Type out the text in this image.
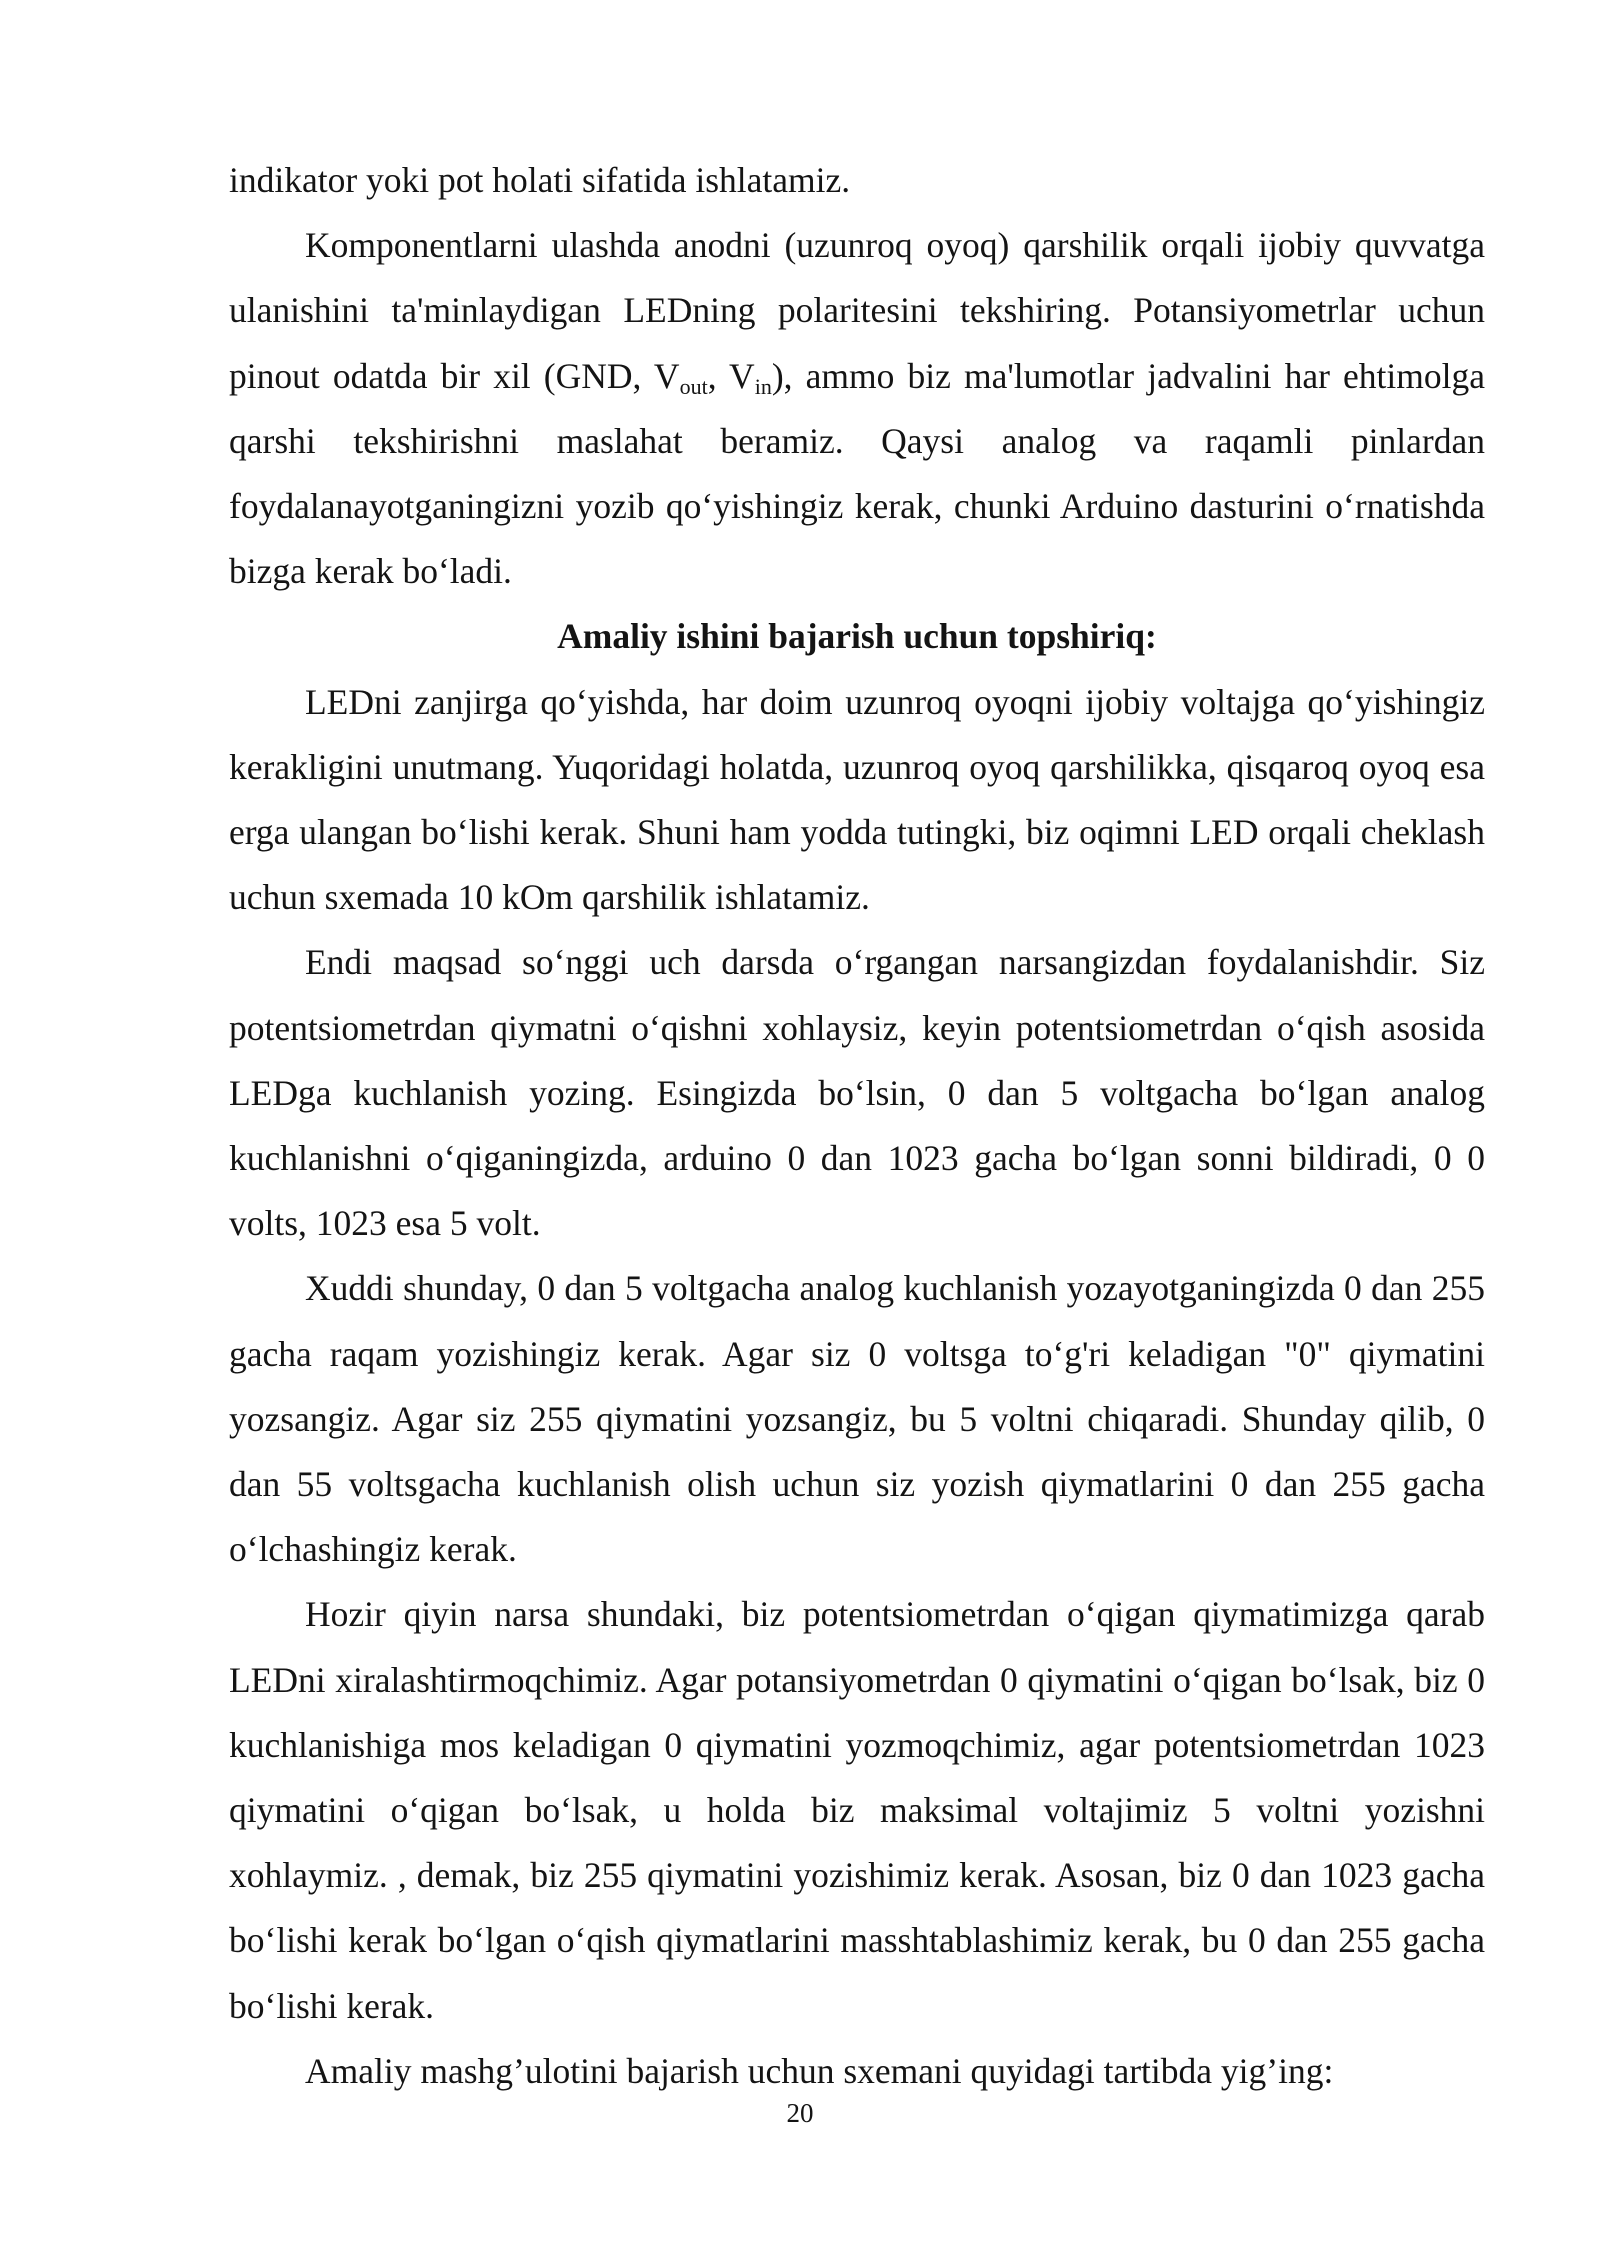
indikator yoki pot holati sifatida ishlatamiz.

Komponentlarni ulashda anodni (uzunroq oyoq) qarshilik orqali ijobiy quvvatga ulanishini ta'minlaydigan LEDning polaritesini tekshiring. Potansiyometrlar uchun pinout odatda bir xil (GND, $V_{out}$, $V_{in}$), ammo biz ma'lumotlar jadvalini har ehtimolga qarshi tekshirishni maslahat beramiz. Qaysi analog va raqamli pinlardan foydalanayotganingizni yozib qo‘yishingiz kerak, chunki Arduino dasturini o‘rnatishda bizga kerak bo‘ladi.

Amaliy ishini bajarish uchun topshiriq:

LEDni zanjirga qo‘yishda, har doim uzunroq oyoqni ijobiy voltajga qo‘yishingiz kerakligini unutmang. Yuqoridagi holatda, uzunroq oyoq qarshilikka, qisqaroq oyoq esa erga ulangan bo‘lishi kerak. Shuni ham yodda tutingki, biz oqimni LED orqali cheklash uchun sxemada 10 kOm qarshilik ishlatamiz.

Endi maqsad so‘nggi uch darsda o‘rgangan narsangizdan foydalanishdir. Siz potentsiometrdan qiymatni o‘qishni xohlaysiz, keyin potentsiometrdan o‘qish asosida LEDga kuchlanish yozing. Esingizda bo‘lsin, 0 dan 5 voltgacha bo‘lgan analog kuchlanishni o‘qiganingizda, arduino 0 dan 1023 gacha bo‘lgan sonni bildiradi, 0 0 volts, 1023 esa 5 volt.

Xuddi shunday, 0 dan 5 voltgacha analog kuchlanish yozayotganingizda 0 dan 255 gacha raqam yozishingiz kerak. Agar siz 0 voltsga to‘g'ri keladigan "0" qiymatini yozsangiz. Agar siz 255 qiymatini yozsangiz, bu 5 voltni chiqaradi. Shunday qilib, 0 dan 55 voltsgacha kuchlanish olish uchun siz yozish qiymatlarini 0 dan 255 gacha o‘lchashingiz kerak.

Hozir qiyin narsa shundaki, biz potentsiometrdan o‘qigan qiymatimizga qarab LEDni xiralashtirmoqchimiz. Agar potansiyometrdan 0 qiymatini o‘qigan bo‘lsak, biz 0 kuchlanishiga mos keladigan 0 qiymatini yozmoqchimiz, agar potentsiometrdan 1023 qiymatini o‘qigan bo‘lsak, u holda biz maksimal voltajimiz 5 voltni yozishni xohlaymiz. , demak, biz 255 qiymatini yozishimiz kerak. Asosan, biz 0 dan 1023 gacha bo‘lishi kerak bo‘lgan o‘qish qiymatlarini masshtablashimiz kerak, bu 0 dan 255 gacha bo‘lishi kerak.

Amaliy mashg’ulotini bajarish uchun sxemani quyidagi tartibda yig’ing:

20
